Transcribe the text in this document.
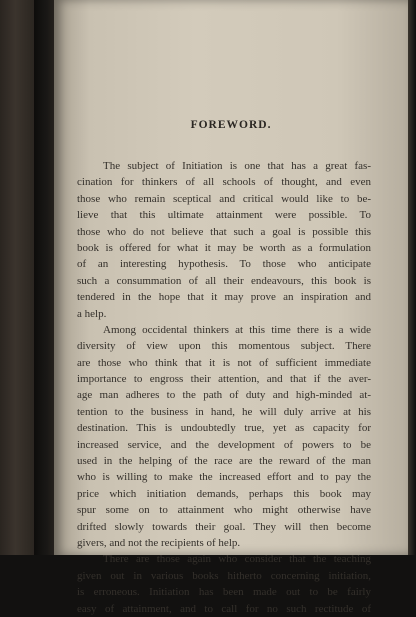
FOREWORD.
The subject of Initiation is one that has a great fas-
cination for thinkers of all schools of thought, and even
those who remain sceptical and critical would like to be-
lieve that this ultimate attainment were possible. To
those who do not believe that such a goal is possible this
book is offered for what it may be worth as a formulation
of an interesting hypothesis. To those who anticipate
such a consummation of all their endeavours, this book is
tendered in the hope that it may prove an inspiration and
a help.
Among occidental thinkers at this time there is a wide
diversity of view upon this momentous subject. There
are those who think that it is not of sufficient immediate
importance to engross their attention, and that if the aver-
age man adheres to the path of duty and high-minded at-
tention to the business in hand, he will duly arrive at his
destination. This is undoubtedly true, yet as capacity for
increased service, and the development of powers to be
used in the helping of the race are the reward of the man
who is willing to make the increased effort and to pay the
price which initiation demands, perhaps this book may
spur some on to attainment who might otherwise have
drifted slowly towards their goal. They will then become
givers, and not the recipients of help.
There are those again who consider that the teaching
given out in various books hitherto concerning initiation,
is erroneous. Initiation has been made out to be fairly
easy of attainment, and to call for no such rectitude of
